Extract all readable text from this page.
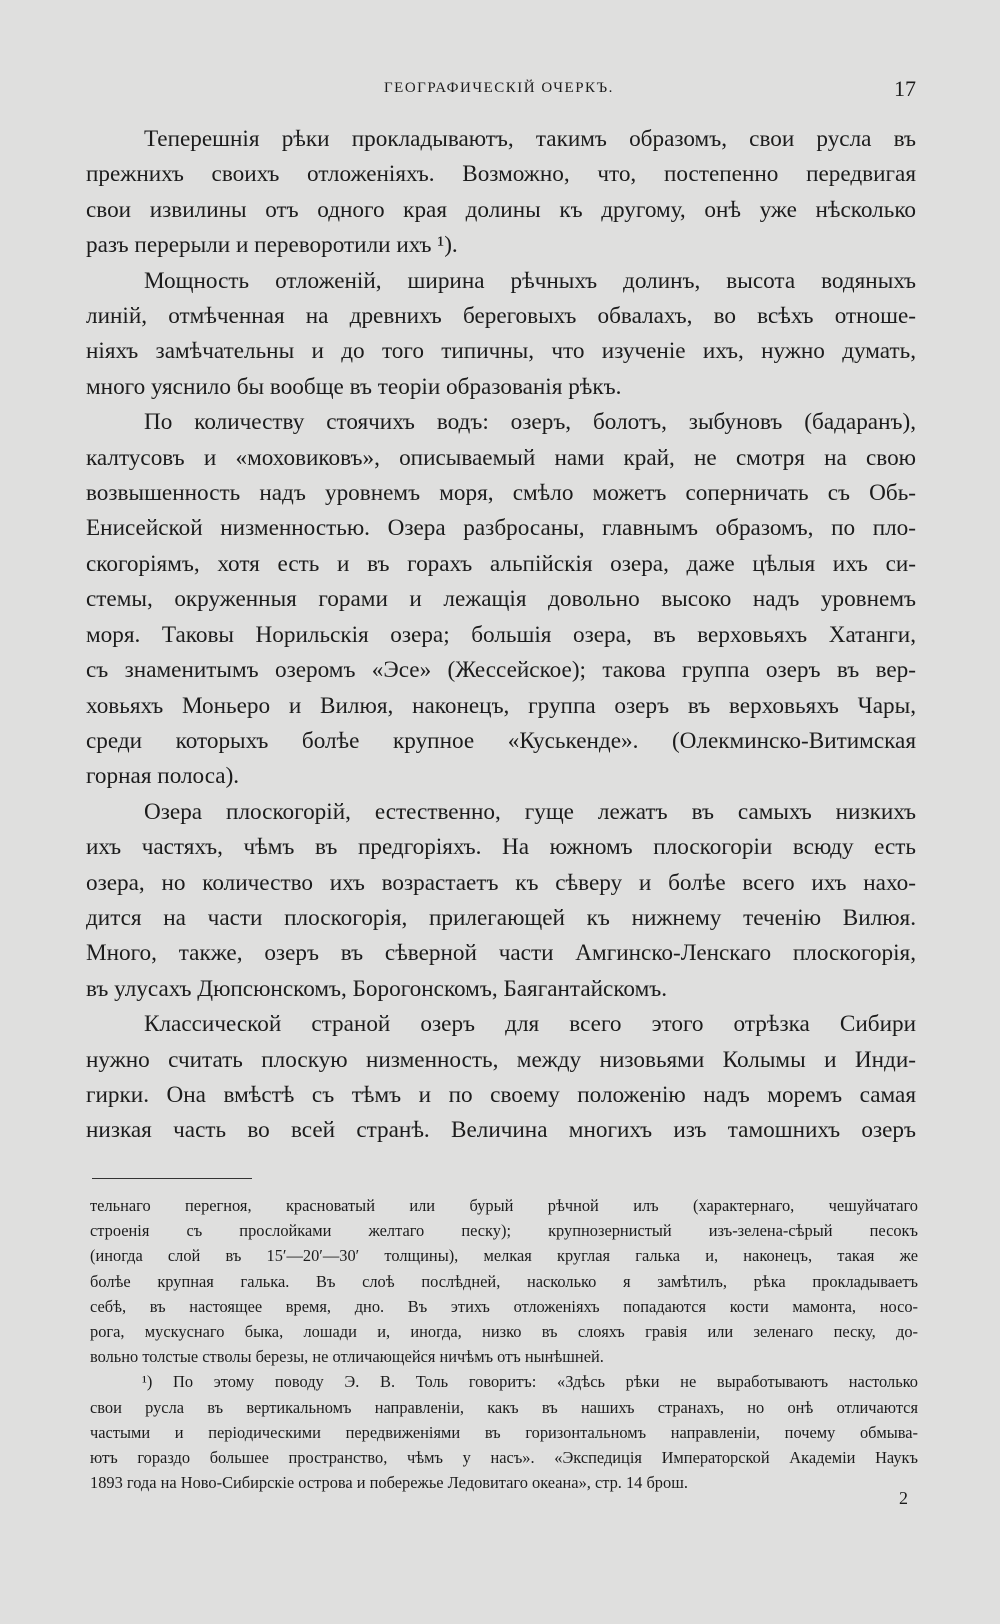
ГЕОГРАФИЧЕСКІЙ ОЧЕРКЪ.	17

Теперешнія рѣки прокладываютъ, такимъ образомъ, свои русла въ
прежнихъ своихъ отложеніяхъ. Возможно, что, постепенно передвигая
свои извилины отъ одного края долины къ другому, онѣ уже нѣсколько
разъ перерыли и переворотили ихъ ¹).

Мощность отложеній, ширина рѣчныхъ долинъ, высота водяныхъ
линій, отмѣченная на древнихъ береговыхъ обвалахъ, во всѣхъ отноше-
ніяхъ замѣчательны и до того типичны, что изученіе ихъ, нужно думать,
много уяснило бы вообще въ теоріи образованія рѣкъ.

По количеству стоячихъ водъ: озеръ, болотъ, зыбуновъ (бадаранъ),
калтусовъ и «моховиковъ», описываемый нами край, не смотря на свою
возвышенность надъ уровнемъ моря, смѣло можетъ соперничать съ Обь-
Енисейской низменностью. Озера разбросаны, главнымъ образомъ, по пло-
скогоріямъ, хотя есть и въ горахъ альпійскія озера, даже цѣлыя ихъ си-
стемы, окруженныя горами и лежащія довольно высоко надъ уровнемъ
моря. Таковы Норильскія озера; большія озера, въ верховьяхъ Хатанги,
съ знаменитымъ озеромъ «Эсе» (Жессейское); такова группа озеръ въ вер-
ховьяхъ Моньеро и Вилюя, наконецъ, группа озеръ въ верховьяхъ Чары,
среди которыхъ болѣе крупное «Куськенде». (Олекминско-Витимская
горная полоса).

Озера плоскогорій, естественно, гуще лежатъ въ самыхъ низкихъ
ихъ частяхъ, чѣмъ въ предгоріяхъ. На южномъ плоскогоріи всюду есть
озера, но количество ихъ возрастаетъ къ сѣверу и болѣе всего ихъ нахо-
дится на части плоскогорія, прилегающей къ нижнему теченію Вилюя.
Много, также, озеръ въ сѣверной части Амгинско-Ленскаго плоскогорія,
въ улусахъ Дюпсюнскомъ, Борогонскомъ, Баягантайскомъ.

Классической страной озеръ для всего этого отрѣзка Сибири
нужно считать плоскую низменность, между низовьями Колымы и Инди-
гирки. Она вмѣстѣ съ тѣмъ и по своему положенію надъ моремъ самая
низкая часть во всей странѣ. Величина многихъ изъ тамошнихъ озеръ

тельнаго перегноя, красноватый или бурый рѣчной илъ (характернаго, чешуйчатаго
строенія съ прослойками желтаго песку); крупнозернистый изъ-зелена-сѣрый песокъ
(иногда слой въ 15′—20′—30′ толщины), мелкая круглая галька и, наконецъ, такая же
болѣе крупная галька. Въ слоѣ послѣдней, насколько я замѣтилъ, рѣка прокладываетъ
себѣ, въ настоящее время, дно. Въ этихъ отложеніяхъ попадаются кости мамонта, носо-
рога, мускуснаго быка, лошади и, иногда, низко въ слояхъ гравія или зеленаго песку, до-
вольно толстые стволы березы, не отличающейся ничѣмъ отъ нынѣшней.
¹) По этому поводу Э. В. Толь говоритъ: «Здѣсь рѣки не выработываютъ настолько
свои русла въ вертикальномъ направленіи, какъ въ нашихъ странахъ, но онѣ отличаются
частыми и періодическими передвиженіями въ горизонтальномъ направленіи, почему обмыва-
ютъ гораздо большее пространство, чѣмъ у насъ». «Экспедиція Императорской Академіи Наукъ
1893 года на Ново-Сибирскіе острова и побережье Ледовитаго океана», стр. 14 брош.
2
